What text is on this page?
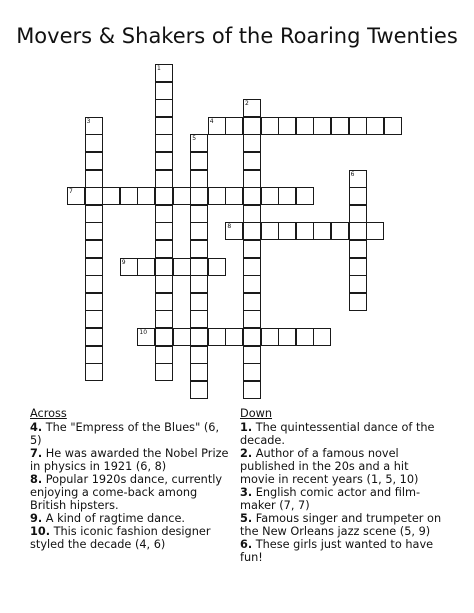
Movers & Shakers of the Roaring Twenties
1
2
3	4
5
6
7
8
9
10
Across
4. The "Empress of the Blues" (6, 5)
7. He was awarded the Nobel Prize in physics in 1921 (6, 8)
8. Popular 1920s dance, currently enjoying a come-back among British hipsters.
9. A kind of ragtime dance.
10. This iconic fashion designer styled the decade (4, 6)
Down
1. The quintessential dance of the decade.
2. Author of a famous novel published in the 20s and a hit movie in recent years (1, 5, 10)
3. English comic actor and film-maker (7, 7)
5. Famous singer and trumpeter on the New Orleans jazz scene (5, 9)
6. These girls just wanted to have fun!
